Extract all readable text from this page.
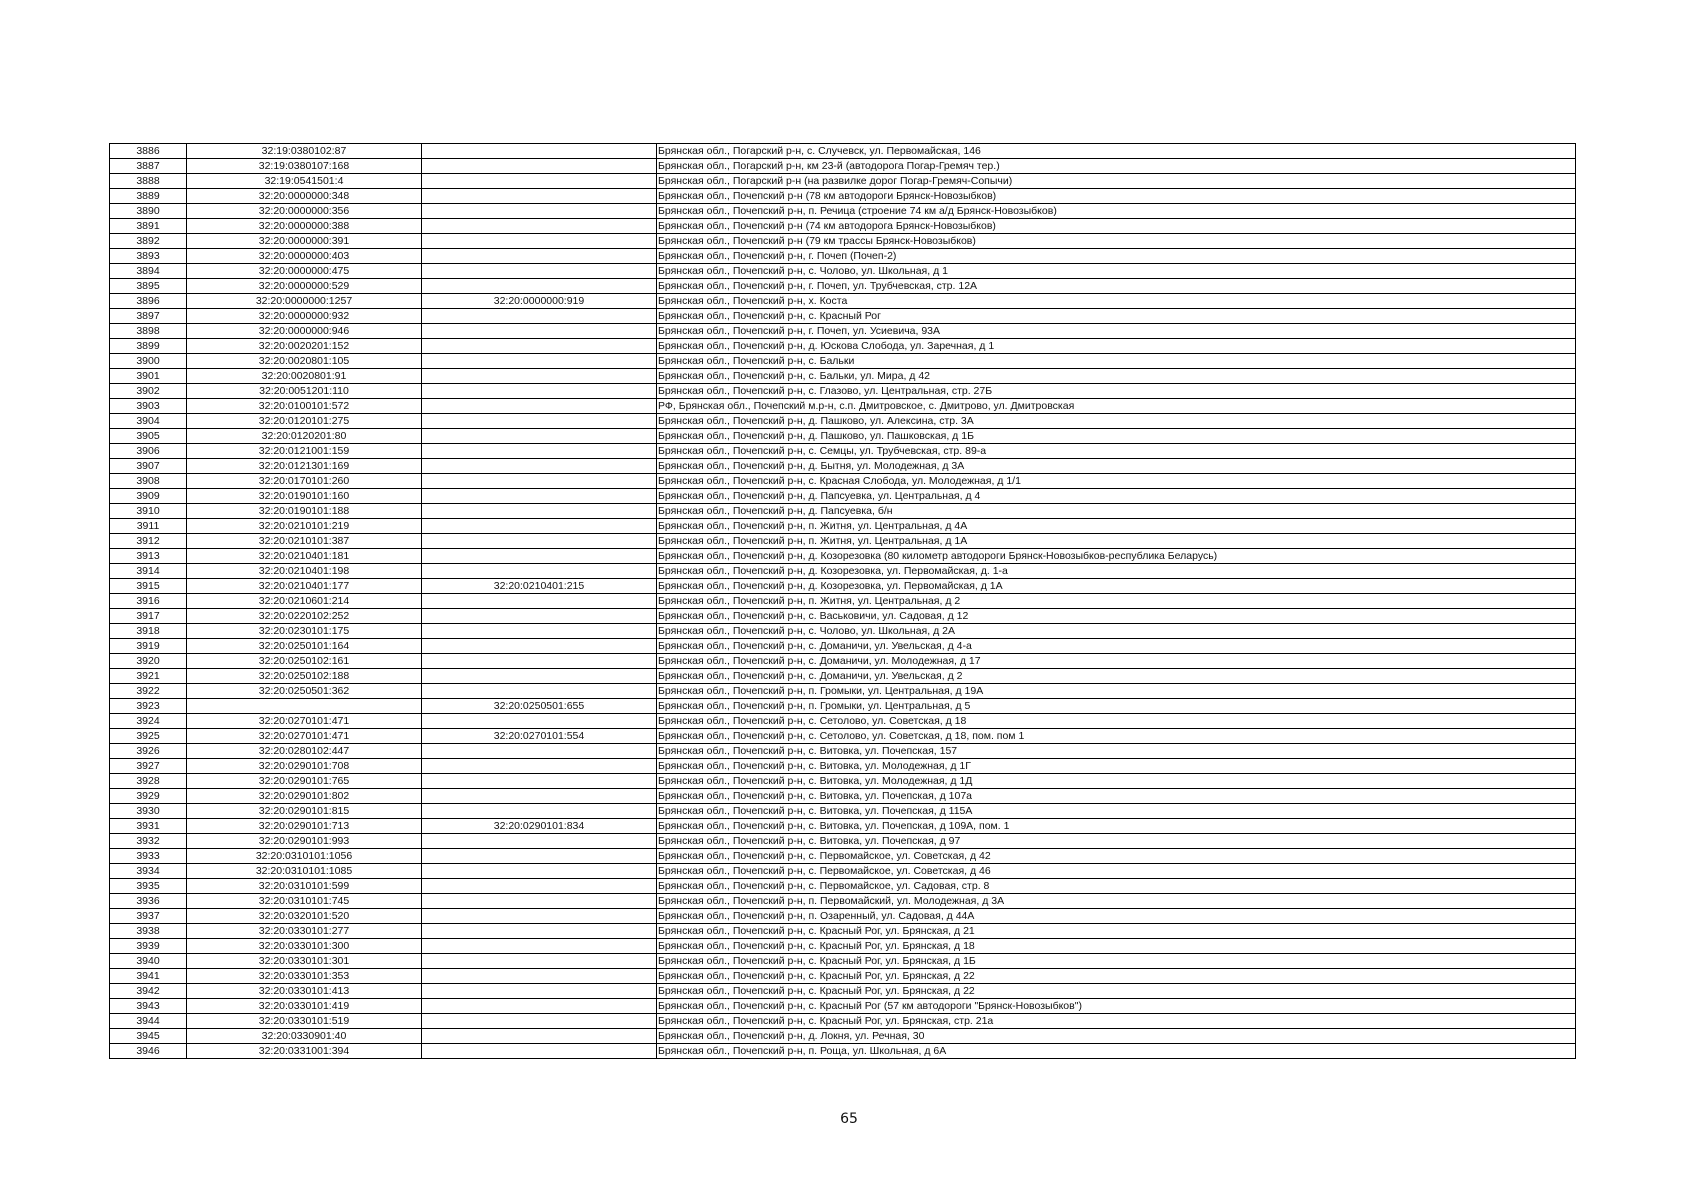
3886	32:19:0380102:87		Брянская обл., Погарский р-н, с. Случевск, ул. Первомайская, 146
3887	32:19:0380107:168		Брянская обл., Погарский р-н, км 23-й (автодорога Погар-Гремяч тер.)
3888	32:19:0541501:4		Брянская обл., Погарский р-н (на развилке дорог Погар-Гремяч-Сопычи)
3889	32:20:0000000:348		Брянская обл., Почепский р-н (78 км автодороги Брянск-Новозыбков)
3890	32:20:0000000:356		Брянская обл., Почепский р-н, п. Речица (строение 74 км а/д Брянск-Новозыбков)
3891	32:20:0000000:388		Брянская обл., Почепский р-н (74 км автодорога Брянск-Новозыбков)
3892	32:20:0000000:391		Брянская обл., Почепский р-н (79 км трассы Брянск-Новозыбков)
3893	32:20:0000000:403		Брянская обл., Почепский р-н, г. Почеп (Почеп-2)
3894	32:20:0000000:475		Брянская обл., Почепский р-н, с. Чолово, ул. Школьная, д 1
3895	32:20:0000000:529		Брянская обл., Почепский р-н, г. Почеп, ул. Трубчевская, стр. 12А
3896	32:20:0000000:1257	32:20:0000000:919	Брянская обл., Почепский р-н, х. Коста
3897	32:20:0000000:932		Брянская обл., Почепский р-н, с. Красный Рог
3898	32:20:0000000:946		Брянская обл., Почепский р-н, г. Почеп, ул. Усиевича, 93А
3899	32:20:0020201:152		Брянская обл., Почепский р-н, д. Юскова Слобода, ул. Заречная, д 1
3900	32:20:0020801:105		Брянская обл., Почепский р-н, с. Бальки
3901	32:20:0020801:91		Брянская обл., Почепский р-н, с. Бальки, ул. Мира, д 42
3902	32:20:0051201:110		Брянская обл., Почепский р-н, с. Глазово, ул. Центральная, стр. 27Б
3903	32:20:0100101:572		РФ, Брянская обл., Почепский м.р-н, с.п. Дмитровское, с. Дмитрово, ул. Дмитровская
3904	32:20:0120101:275		Брянская обл., Почепский р-н, д. Пашково, ул. Алексина, стр. 3А
3905	32:20:0120201:80		Брянская обл., Почепский р-н, д. Пашково, ул. Пашковская, д 1Б
3906	32:20:0121001:159		Брянская обл., Почепский р-н, с. Семцы, ул. Трубчевская, стр. 89-а
3907	32:20:0121301:169		Брянская обл., Почепский р-н, д. Бытня, ул. Молодежная, д 3А
3908	32:20:0170101:260		Брянская обл., Почепский р-н, с. Красная Слобода, ул. Молодежная, д 1/1
3909	32:20:0190101:160		Брянская обл., Почепский р-н, д. Папсуевка, ул. Центральная, д 4
3910	32:20:0190101:188		Брянская обл., Почепский р-н, д. Папсуевка, б/н
3911	32:20:0210101:219		Брянская обл., Почепский р-н, п. Житня, ул. Центральная, д 4А
3912	32:20:0210101:387		Брянская обл., Почепский р-н, п. Житня, ул. Центральная, д 1А
3913	32:20:0210401:181		Брянская обл., Почепский р-н, д. Козорезовка (80 километр автодороги Брянск-Новозыбков-республика Беларусь)
3914	32:20:0210401:198		Брянская обл., Почепский р-н, д. Козорезовка, ул. Первомайская, д. 1-а
3915	32:20:0210401:177	32:20:0210401:215	Брянская обл., Почепский р-н, д. Козорезовка, ул. Первомайская, д 1А
3916	32:20:0210601:214		Брянская обл., Почепский р-н, п. Житня, ул. Центральная, д 2
3917	32:20:0220102:252		Брянская обл., Почепский р-н, с. Васьковичи, ул. Садовая, д 12
3918	32:20:0230101:175		Брянская обл., Почепский р-н, с. Чолово, ул. Школьная, д 2А
3919	32:20:0250101:164		Брянская обл., Почепский р-н, с. Доманичи, ул. Увельская, д 4-а
3920	32:20:0250102:161		Брянская обл., Почепский р-н, с. Доманичи, ул. Молодежная, д 17
3921	32:20:0250102:188		Брянская обл., Почепский р-н, с. Доманичи, ул. Увельская, д 2
3922	32:20:0250501:362		Брянская обл., Почепский р-н, п. Громыки, ул. Центральная, д 19А
3923		32:20:0250501:655	Брянская обл., Почепский р-н, п. Громыки, ул. Центральная, д 5
3924	32:20:0270101:471		Брянская обл., Почепский р-н, с. Сетолово, ул. Советская, д 18
3925	32:20:0270101:471	32:20:0270101:554	Брянская обл., Почепский р-н, с. Сетолово, ул. Советская, д 18, пом. пом 1
3926	32:20:0280102:447		Брянская обл., Почепский р-н, с. Витовка, ул. Почепская, 157
3927	32:20:0290101:708		Брянская обл., Почепский р-н, с. Витовка, ул. Молодежная, д 1Г
3928	32:20:0290101:765		Брянская обл., Почепский р-н, с. Витовка, ул. Молодежная, д 1Д
3929	32:20:0290101:802		Брянская обл., Почепский р-н, с. Витовка, ул. Почепская, д 107а
3930	32:20:0290101:815		Брянская обл., Почепский р-н, с. Витовка, ул. Почепская, д 115А
3931	32:20:0290101:713	32:20:0290101:834	Брянская обл., Почепский р-н, с. Витовка, ул. Почепская, д 109А, пом. 1
3932	32:20:0290101:993		Брянская обл., Почепский р-н, с. Витовка, ул. Почепская, д 97
3933	32:20:0310101:1056		Брянская обл., Почепский р-н, с. Первомайское, ул. Советская, д 42
3934	32:20:0310101:1085		Брянская обл., Почепский р-н, с. Первомайское, ул. Советская, д 46
3935	32:20:0310101:599		Брянская обл., Почепский р-н, с. Первомайское, ул. Садовая, стр. 8
3936	32:20:0310101:745		Брянская обл., Почепский р-н, п. Первомайский, ул. Молодежная, д 3А
3937	32:20:0320101:520		Брянская обл., Почепский р-н, п. Озаренный, ул. Садовая, д 44А
3938	32:20:0330101:277		Брянская обл., Почепский р-н, с. Красный Рог, ул. Брянская, д 21
3939	32:20:0330101:300		Брянская обл., Почепский р-н, с. Красный Рог, ул. Брянская, д 18
3940	32:20:0330101:301		Брянская обл., Почепский р-н, с. Красный Рог, ул. Брянская, д 1Б
3941	32:20:0330101:353		Брянская обл., Почепский р-н, с. Красный Рог, ул. Брянская, д 22
3942	32:20:0330101:413		Брянская обл., Почепский р-н, с. Красный Рог, ул. Брянская, д 22
3943	32:20:0330101:419		Брянская обл., Почепский р-н, с. Красный Рог (57 км автодороги "Брянск-Новозыбков")
3944	32:20:0330101:519		Брянская обл., Почепский р-н, с. Красный Рог, ул. Брянская, стр. 21а
3945	32:20:0330901:40		Брянская обл., Почепский р-н, д. Локня, ул. Речная, 30
3946	32:20:0331001:394		Брянская обл., Почепский р-н, п. Роща, ул. Школьная, д 6А
65
